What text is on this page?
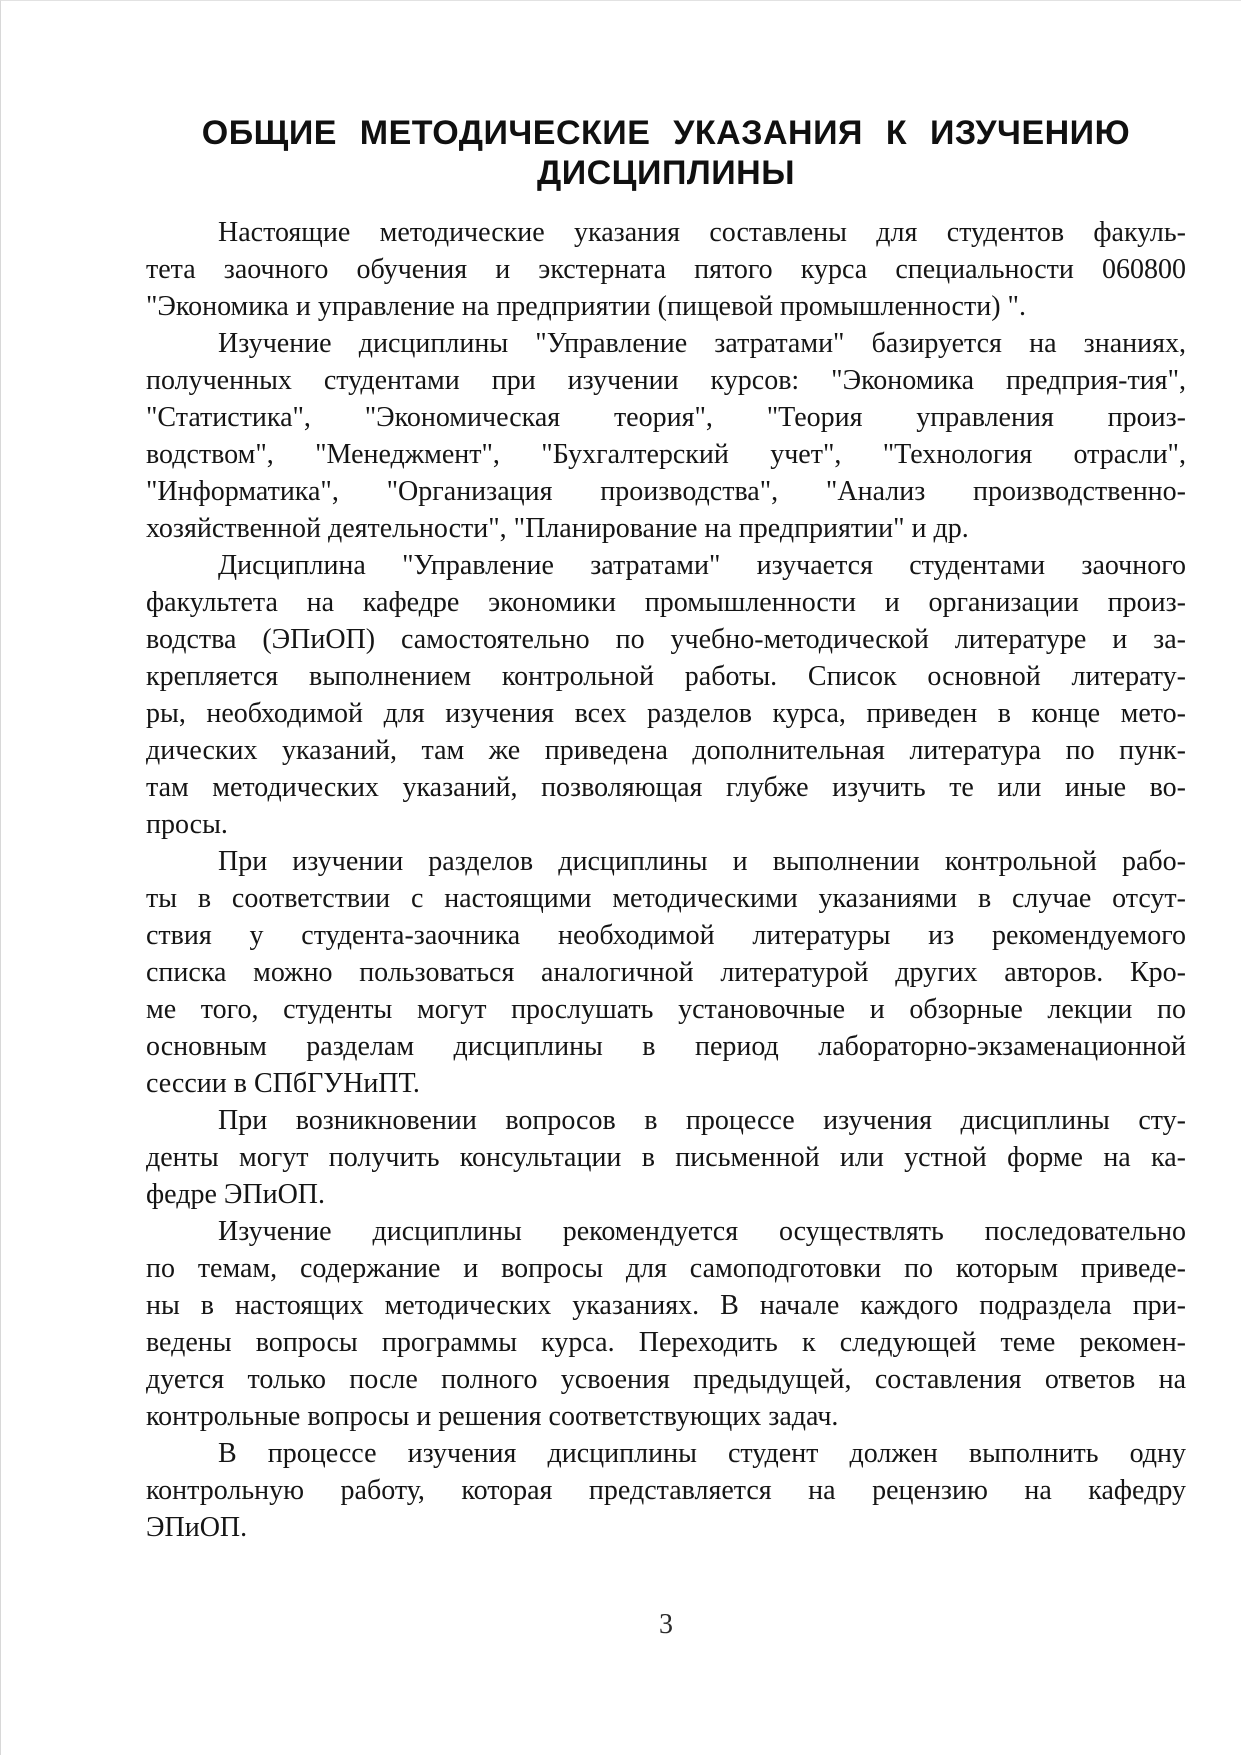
ОБЩИЕ МЕТОДИЧЕСКИЕ УКАЗАНИЯ К ИЗУЧЕНИЮ
ДИСЦИПЛИНЫ
Настоящие методические указания составлены для студентов факуль-
тета заочного обучения и экстерната пятого курса специальности 060800
"Экономика и управление на предприятии (пищевой промышленности) ".
Изучение дисциплины "Управление затратами" базируется на знаниях,
полученных студентами при изучении курсов: "Экономика предприя-тия",
"Статистика", "Экономическая теория", "Теория управления произ-
водством", "Менеджмент", "Бухгалтерский учет", "Технология отрасли",
"Информатика", "Организация производства", "Анализ производственно-
хозяйственной деятельности", "Планирование на предприятии" и др.
Дисциплина "Управление затратами" изучается студентами заочного
факультета на кафедре экономики промышленности и организации произ-
водства (ЭПиОП) самостоятельно по учебно-методической литературе и за-
крепляется выполнением контрольной работы. Список основной литерату-
ры, необходимой для изучения всех разделов курса, приведен в конце мето-
дических указаний, там же приведена дополнительная литература по пунк-
там методических указаний, позволяющая глубже изучить те или иные во-
просы.
При изучении разделов дисциплины и выполнении контрольной рабо-
ты в соответствии с настоящими методическими указаниями в случае отсут-
ствия у студента-заочника необходимой литературы из рекомендуемого
списка можно пользоваться аналогичной литературой других авторов. Кро-
ме того, студенты могут прослушать установочные и обзорные лекции по
основным разделам дисциплины в период лабораторно-экзаменационной
сессии в СПбГУНиПТ.
При возникновении вопросов в процессе изучения дисциплины сту-
денты могут получить консультации в письменной или устной форме на ка-
федре ЭПиОП.
Изучение дисциплины рекомендуется осуществлять последовательно
по темам, содержание и вопросы для самоподготовки по которым приведе-
ны в настоящих методических указаниях. В начале каждого подраздела при-
ведены вопросы программы курса. Переходить к следующей теме рекомен-
дуется только после полного усвоения предыдущей, составления ответов на
контрольные вопросы и решения соответствующих задач.
В процессе изучения дисциплины студент должен выполнить одну
контрольную работу, которая представляется на рецензию на кафедру
ЭПиОП.
3
